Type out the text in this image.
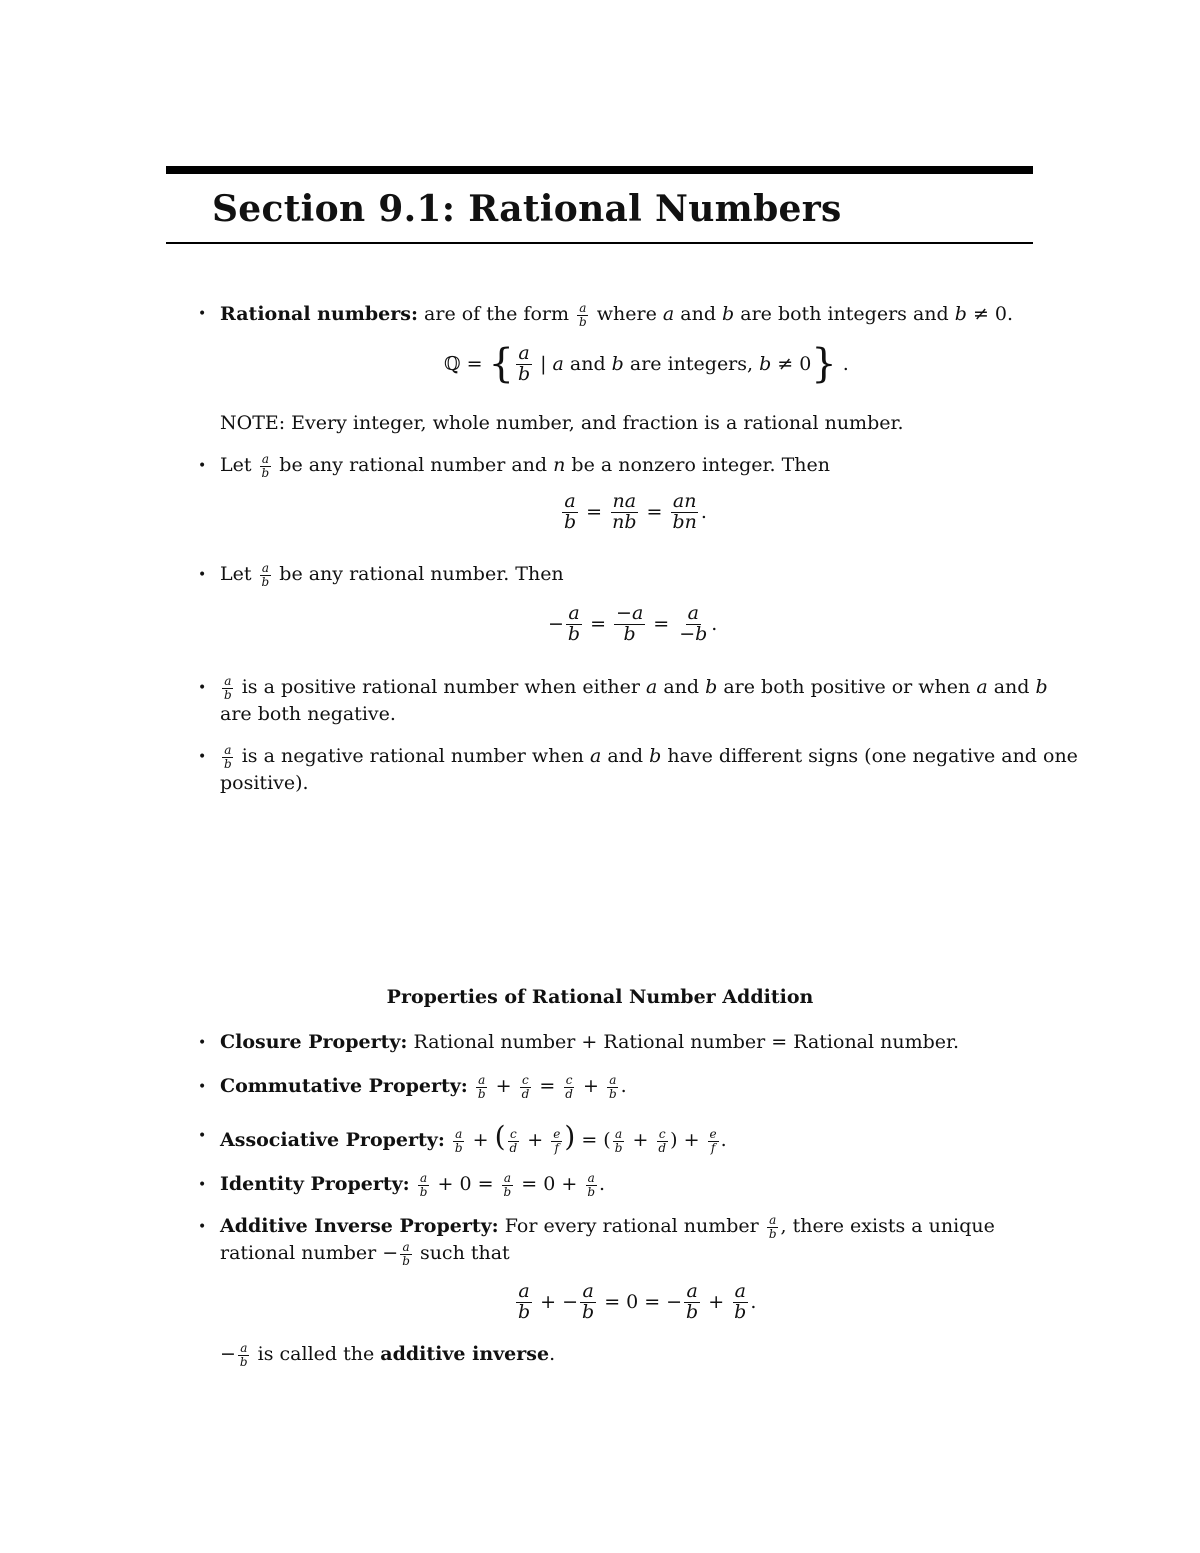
Section 9.1: Rational Numbers
• Rational numbers: are of the form $\frac{a}{b}$ where a and b are both integers and b ≠ 0.
ℚ = { $\frac{a}{b}$ | a
and
b
are integers,
b ≠ 0 } .
NOTE: Every integer, whole number, and fraction is a rational number.
• Let $\frac{a}{b}$ be any rational number and n be a nonzero integer. Then
$\frac{a}{b} = \frac{na}{nb} = \frac{an}{bn}$ .
• Let $\frac{a}{b}$ be any rational number. Then
− $\frac{a}{b} = \frac{-a}{b} = \frac{a}{-b}$ .
• $\frac{a}{b}$ is a positive rational number when either a and b are both positive or when a and b
are both negative.
• $\frac{a}{b}$ is a negative rational number when a and b have different signs (one negative and one
positive).
Properties of Rational Number Addition
• Closure Property: Rational number + Rational number = Rational number.
• Commutative Property: $\frac{a}{b} + \frac{c}{d} = \frac{c}{d} + \frac{a}{b}$ .
• Associative Property: $\frac{a}{b}$ + ( $\frac{c}{d} + \frac{e}{f}$ ) = ( $\frac{a}{b} + \frac{c}{d}$ ) + $\frac{e}{f}$ .
• Identity Property: $\frac{a}{b} + 0 = \frac{a}{b} = 0 + \frac{a}{b}$ .
• Additive Inverse Property: For every rational number $\frac{a}{b}$ , there exists a unique
rational number − $\frac{a}{b}$ such that
$\frac{a}{b}$ + − $\frac{a}{b} = 0$ = − $\frac{a}{b} + \frac{a}{b}$ .
− $\frac{a}{b}$ is called the additive inverse.
